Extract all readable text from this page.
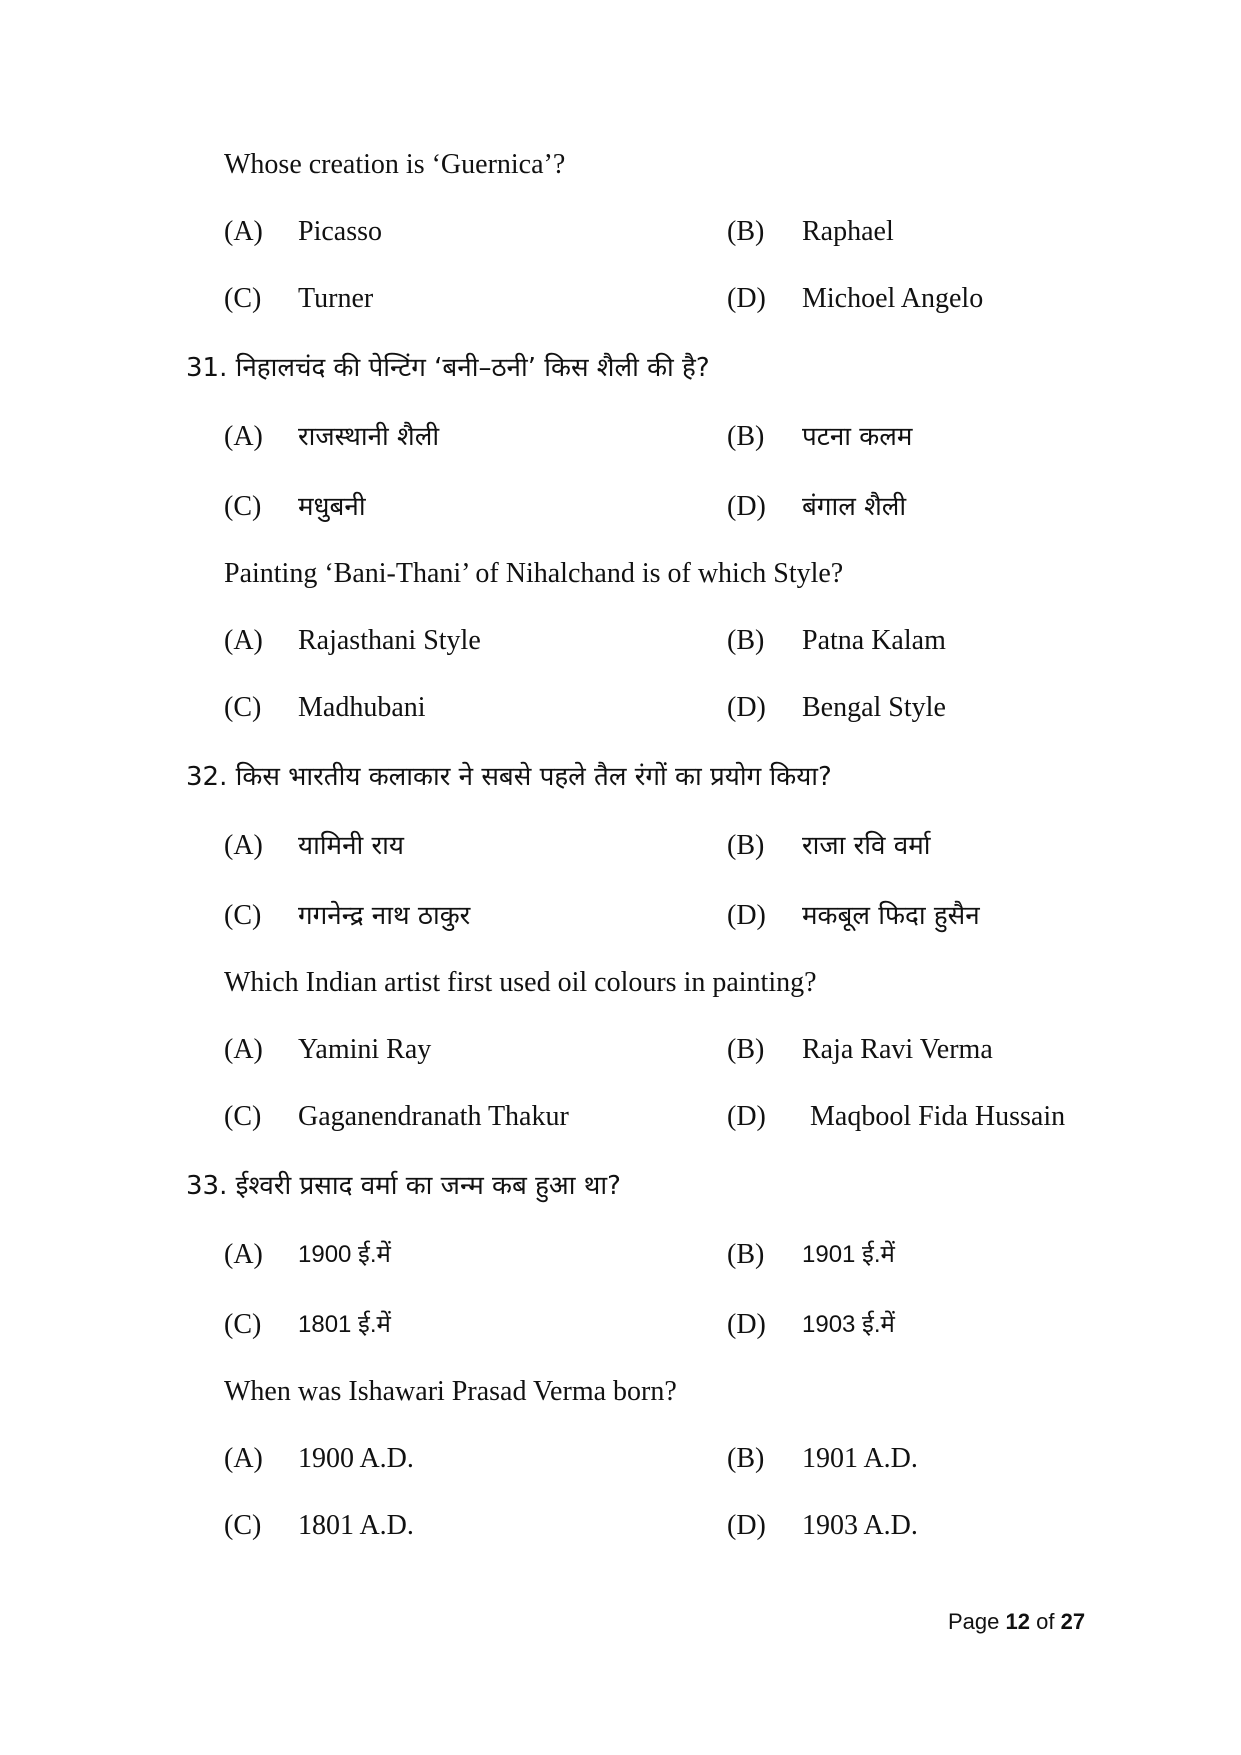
Whose creation is ‘Guernica’?
(A) Picasso	(B) Raphael
(C) Turner	(D) Michoel Angelo
31. निहालचंद की पेन्टिंग ‘बनी–ठनी’ किस शैली की है?
(A) राजस्थानी शैली	(B) पटना कलम
(C) मधुबनी	(D) बंगाल शैली
Painting ‘Bani-Thani’ of Nihalchand is of which Style?
(A) Rajasthani Style	(B) Patna Kalam
(C) Madhubani	(D) Bengal Style
32. किस भारतीय कलाकार ने सबसे पहले तैल रंगों का प्रयोग किया?
(A) यामिनी राय	(B) राजा रवि वर्मा
(C) गगनेन्द्र नाथ ठाकुर	(D) मकबूल फिदा हुसैन
Which Indian artist first used oil colours in painting?
(A) Yamini Ray	(B) Raja Ravi Verma
(C) Gaganendranath Thakur	(D) Maqbool Fida Hussain
33. ईश्वरी प्रसाद वर्मा का जन्म कब हुआ था?
(A) 1900 ई.में	(B) 1901 ई.में
(C) 1801 ई.में	(D) 1903 ई.में
When was Ishawari Prasad Verma born?
(A) 1900 A.D.	(B) 1901 A.D.
(C) 1801 A.D.	(D) 1903 A.D.
Page 12 of 27
